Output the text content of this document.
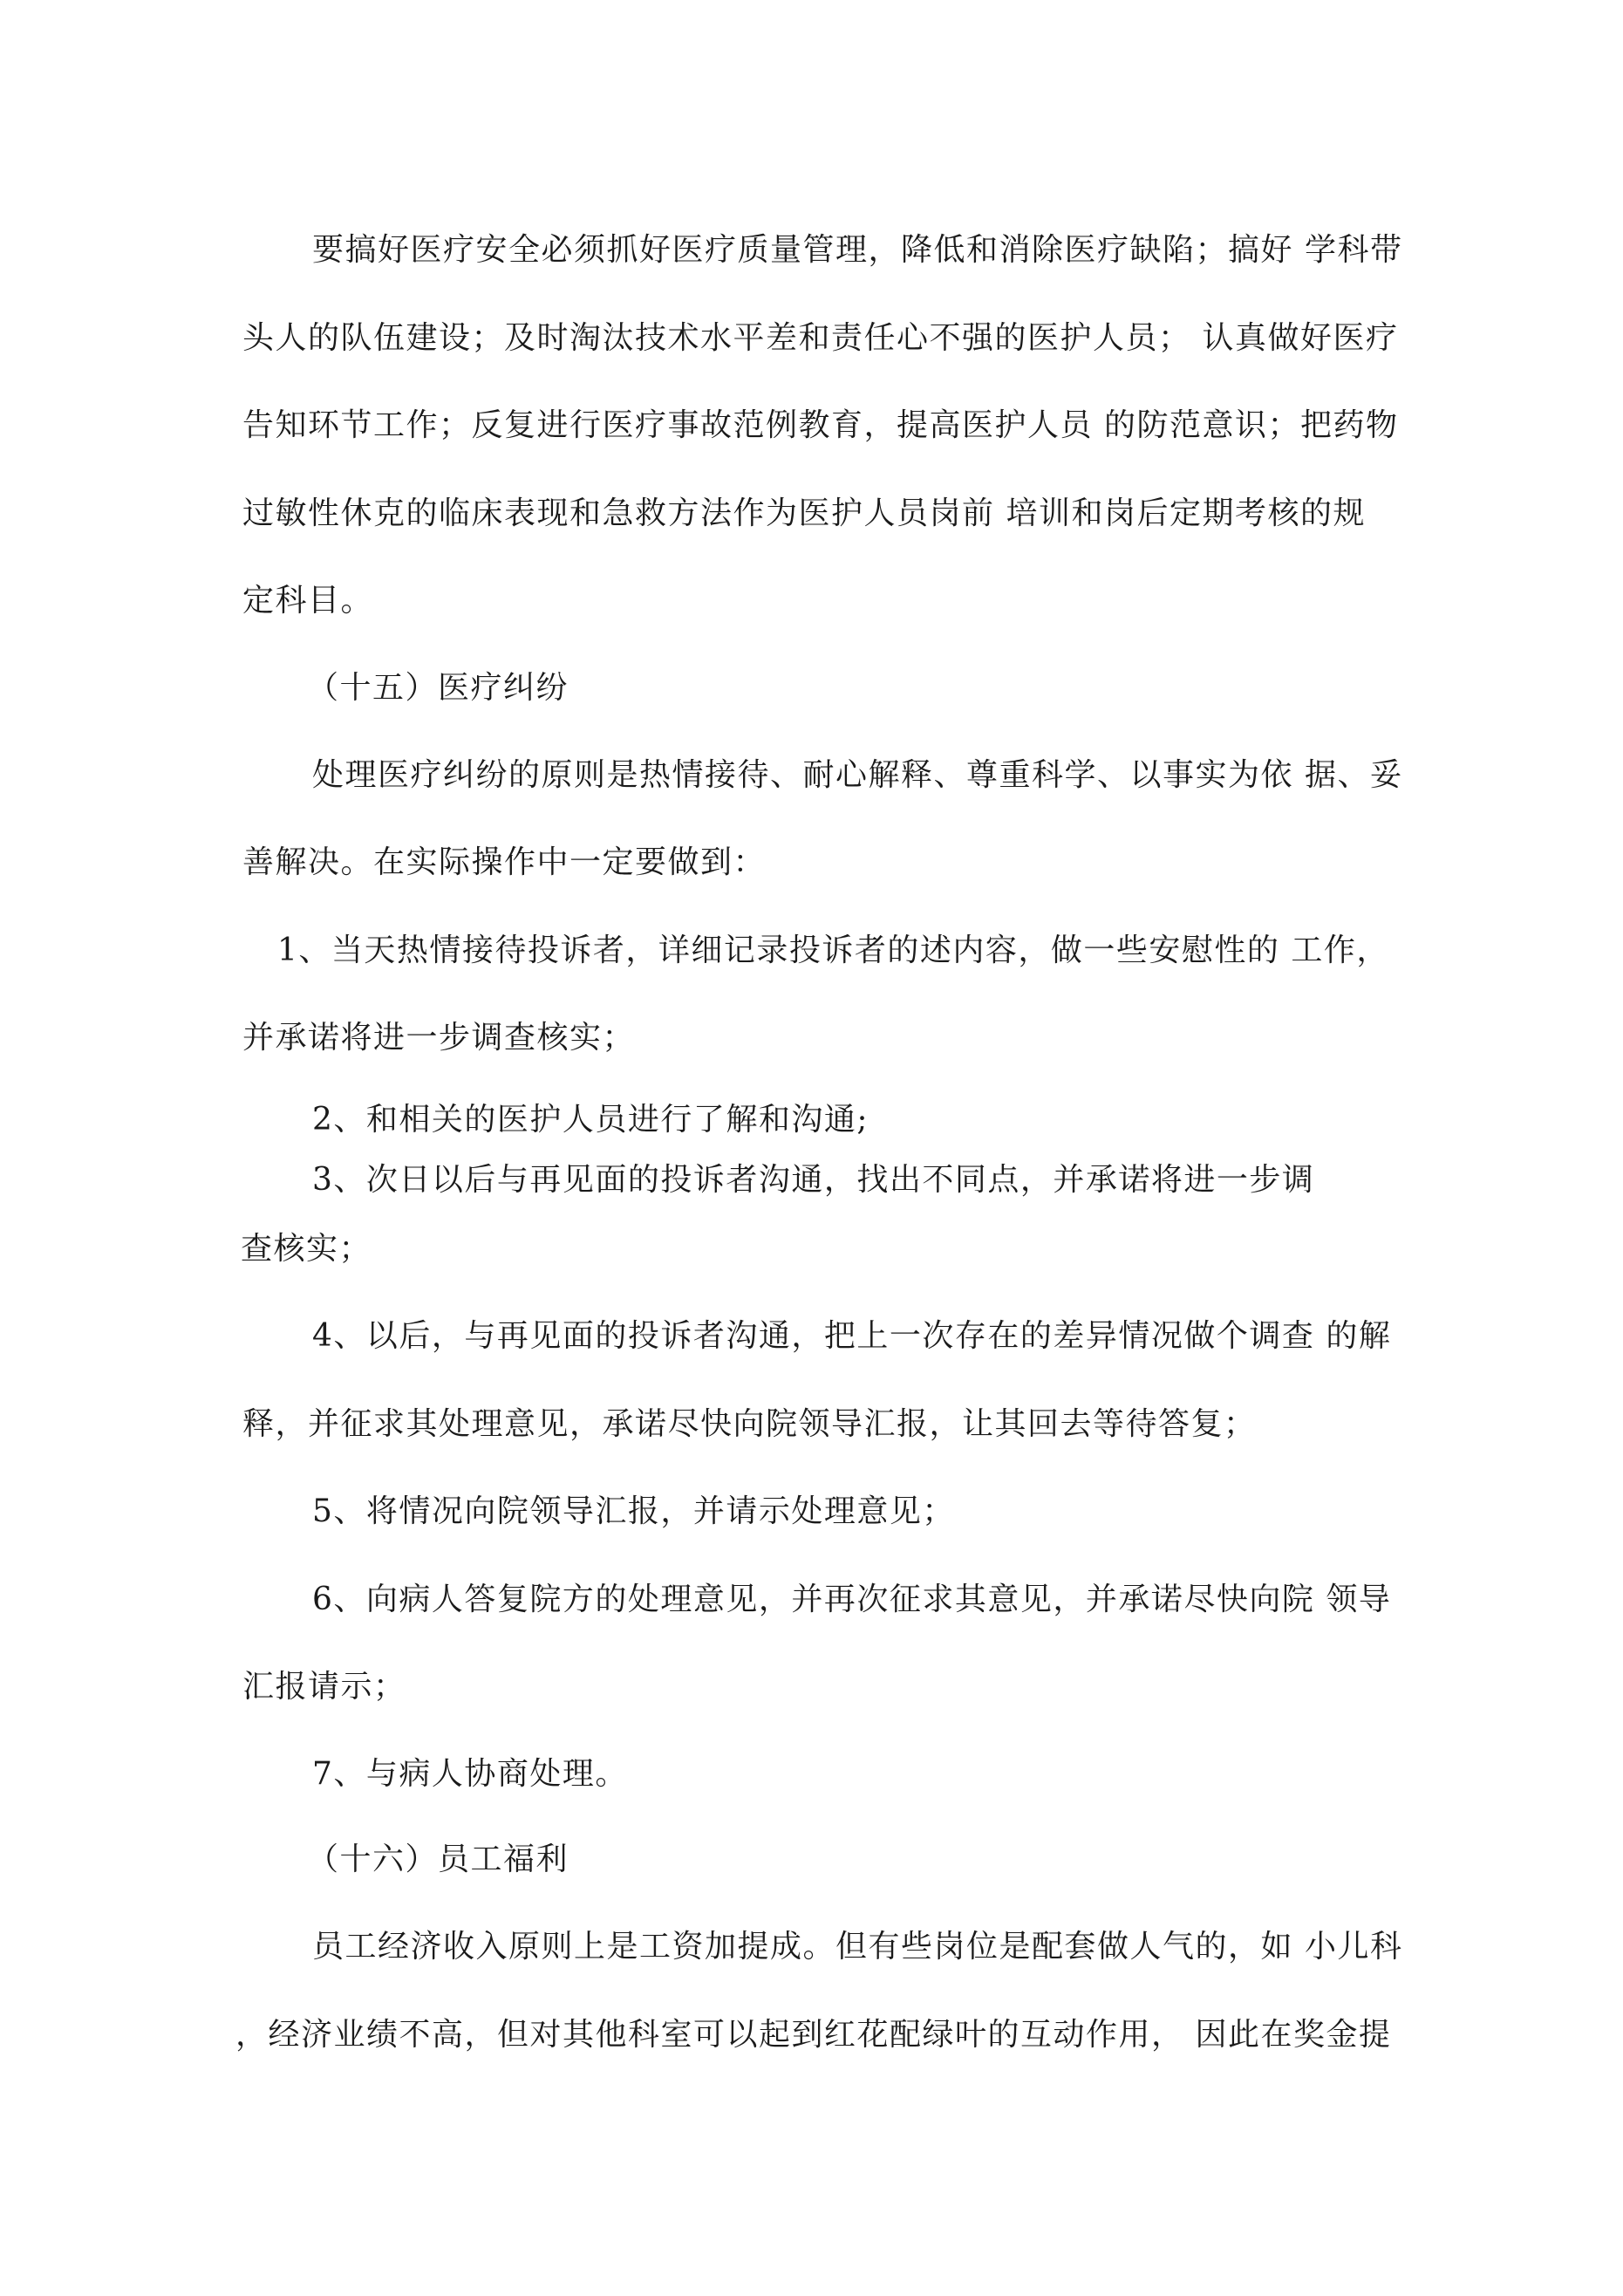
要搞好医疗安全必须抓好医疗质量管理，降低和消除医疗缺陷；搞好 学科带
头人的队伍建设；及时淘汰技术水平差和责任心不强的医护人员； 认真做好医疗
告知环节工作；反复进行医疗事故范例教育，提高医护人员 的防范意识；把药物
过敏性休克的临床表现和急救方法作为医护人员岗前 培训和岗后定期考核的规
定科目。
（十五）医疗纠纷
处理医疗纠纷的原则是热情接待、耐心解释、尊重科学、以事实为依 据、妥
善解决。在实际操作中一定要做到：
1、当天热情接待投诉者，详细记录投诉者的述内容，做一些安慰性的 工作，
并承诺将进一步调查核实；
2、和相关的医护人员进行了解和沟通;
3、次日以后与再见面的投诉者沟通，找出不同点，并承诺将进一步调
查核实；
4、以后，与再见面的投诉者沟通，把上一次存在的差异情况做个调查 的解
释，并征求其处理意见，承诺尽快向院领导汇报，让其回去等待答复；
5、将情况向院领导汇报，并请示处理意见；
6、向病人答复院方的处理意见，并再次征求其意见，并承诺尽快向院 领导
汇报请示；
7、与病人协商处理。
（十六）员工福利
员工经济收入原则上是工资加提成。但有些岗位是配套做人气的，如 小儿科
，经济业绩不高，但对其他科室可以起到红花配绿叶的互动作用， 因此在奖金提
